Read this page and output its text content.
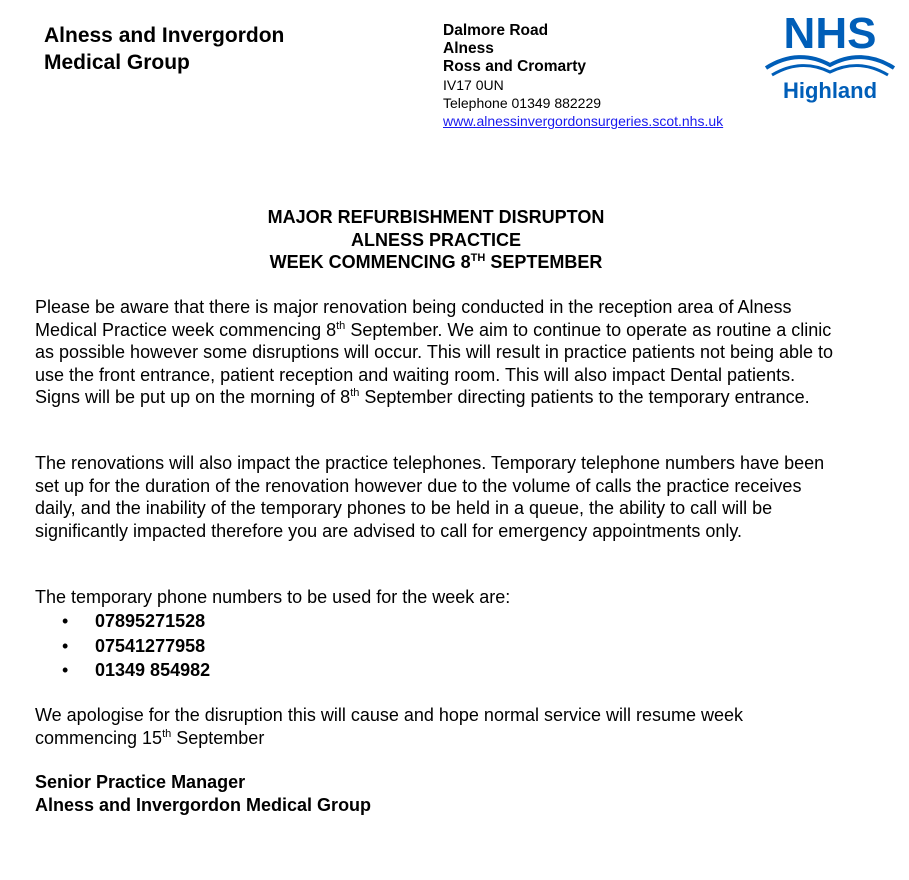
Alness and Invergordon
Medical Group
Dalmore Road
Alness
Ross and Cromarty
IV17 0UN
Telephone 01349 882229
www.alnessinvergordonsurgeries.scot.nhs.uk
NHS
Highland
MAJOR REFURBISHMENT DISRUPTON
ALNESS PRACTICE
WEEK COMMENCING 8TH SEPTEMBER
Please be aware that there is major renovation being conducted in the reception area of Alness Medical Practice week commencing 8th September. We aim to continue to operate as routine a clinic as possible however some disruptions will occur. This will result in practice patients not being able to use the front entrance, patient reception and waiting room. This will also impact Dental patients. Signs will be put up on the morning of 8th September directing patients to the temporary entrance.
The renovations will also impact the practice telephones. Temporary telephone numbers have been set up for the duration of the renovation however due to the volume of calls the practice receives daily, and the inability of the temporary phones to be held in a queue, the ability to call will be significantly impacted therefore you are advised to call for emergency appointments only.
The temporary phone numbers to be used for the week are:
• 07895271528
• 07541277958
• 01349 854982
We apologise for the disruption this will cause and hope normal service will resume week commencing 15th September
Senior Practice Manager
Alness and Invergordon Medical Group
